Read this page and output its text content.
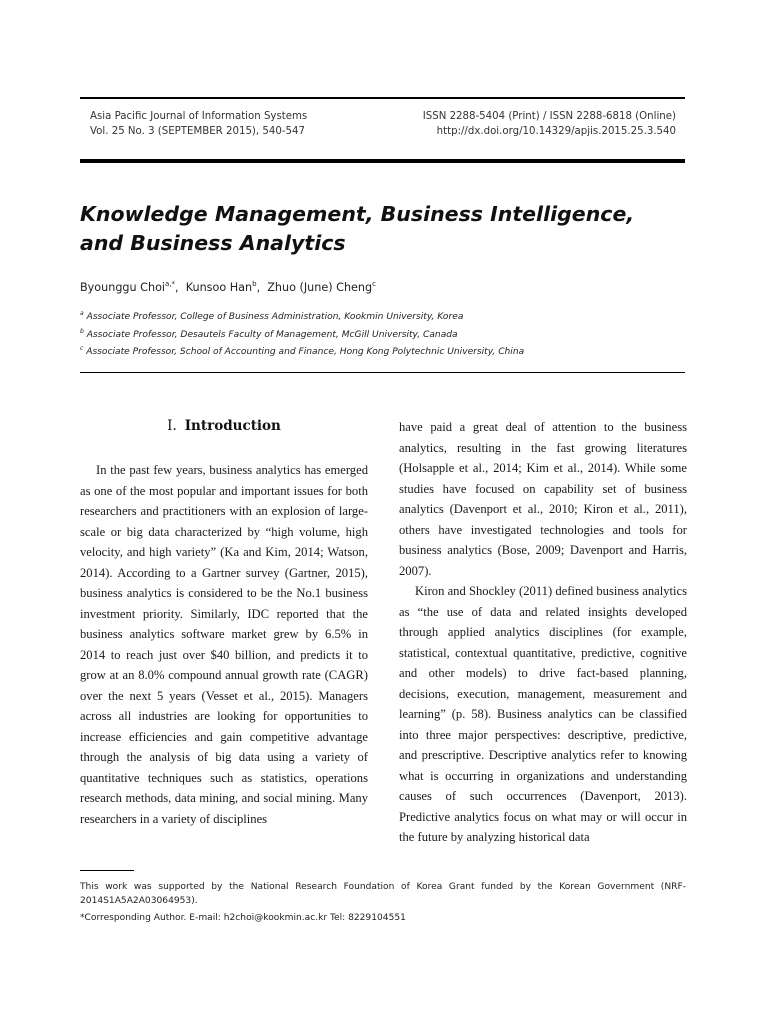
Asia Pacific Journal of Information Systems
Vol. 25 No. 3 (SEPTEMBER 2015), 540-547
ISSN 2288-5404 (Print) / ISSN 2288-6818 (Online)
http://dx.doi.org/10.14329/apjis.2015.25.3.540
Knowledge Management, Business Intelligence,
and Business Analytics
Byounggu Choi$^{a,*}$,  Kunsoo Han$^b$,  Zhuo (June) Cheng$^c$
$^a$ Associate Professor, College of Business Administration, Kookmin University, Korea
$^b$ Associate Professor, Desautels Faculty of Management, McGill University, Canada
$^c$ Associate Professor, School of Accounting and Finance, Hong Kong Polytechnic University, China
Ⅰ. Introduction

In the past few years, business analytics has emerged as one of the most popular and important issues for both researchers and practitioners with an explosion of large-scale or big data characterized by “high volume, high velocity, and high variety” (Ka and Kim, 2014; Watson, 2014). According to a Gartner survey (Gartner, 2015), business analytics is considered to be the No.1 business investment priority. Similarly, IDC reported that the business analytics software market grew by 6.5% in 2014 to reach just over $40 billion, and predicts it to grow at an 8.0% compound annual growth rate (CAGR) over the next 5 years (Vesset et al., 2015). Managers across all industries are looking for opportunities to increase efficiencies and gain competitive advantage through the analysis of big data using a variety of quantitative techniques such as statistics, operations research methods, data mining, and social mining. Many researchers in a variety of disciplines

have paid a great deal of attention to the business analytics, resulting in the fast growing literatures (Holsapple et al., 2014; Kim et al., 2014). While some studies have focused on capability set of business analytics (Davenport et al., 2010; Kiron et al., 2011), others have investigated technologies and tools for business analytics (Bose, 2009; Davenport and Harris, 2007).

Kiron and Shockley (2011) defined business analytics as “the use of data and related insights developed through applied analytics disciplines (for example, statistical, contextual quantitative, predictive, cognitive and other models) to drive fact-based planning, decisions, execution, management, measurement and learning” (p. 58). Business analytics can be classified into three major perspectives: descriptive, predictive, and prescriptive. Descriptive analytics refer to knowing what is occurring in organizations and understanding causes of such occurrences (Davenport, 2013). Predictive analytics focus on what may or will occur in the future by analyzing historical data

This work was supported by the National Research Foundation of Korea Grant funded by the Korean Government (NRF-2014S1A5A2A03064953).
*Corresponding Author. E-mail: h2choi@kookmin.ac.kr Tel: 8229104551
